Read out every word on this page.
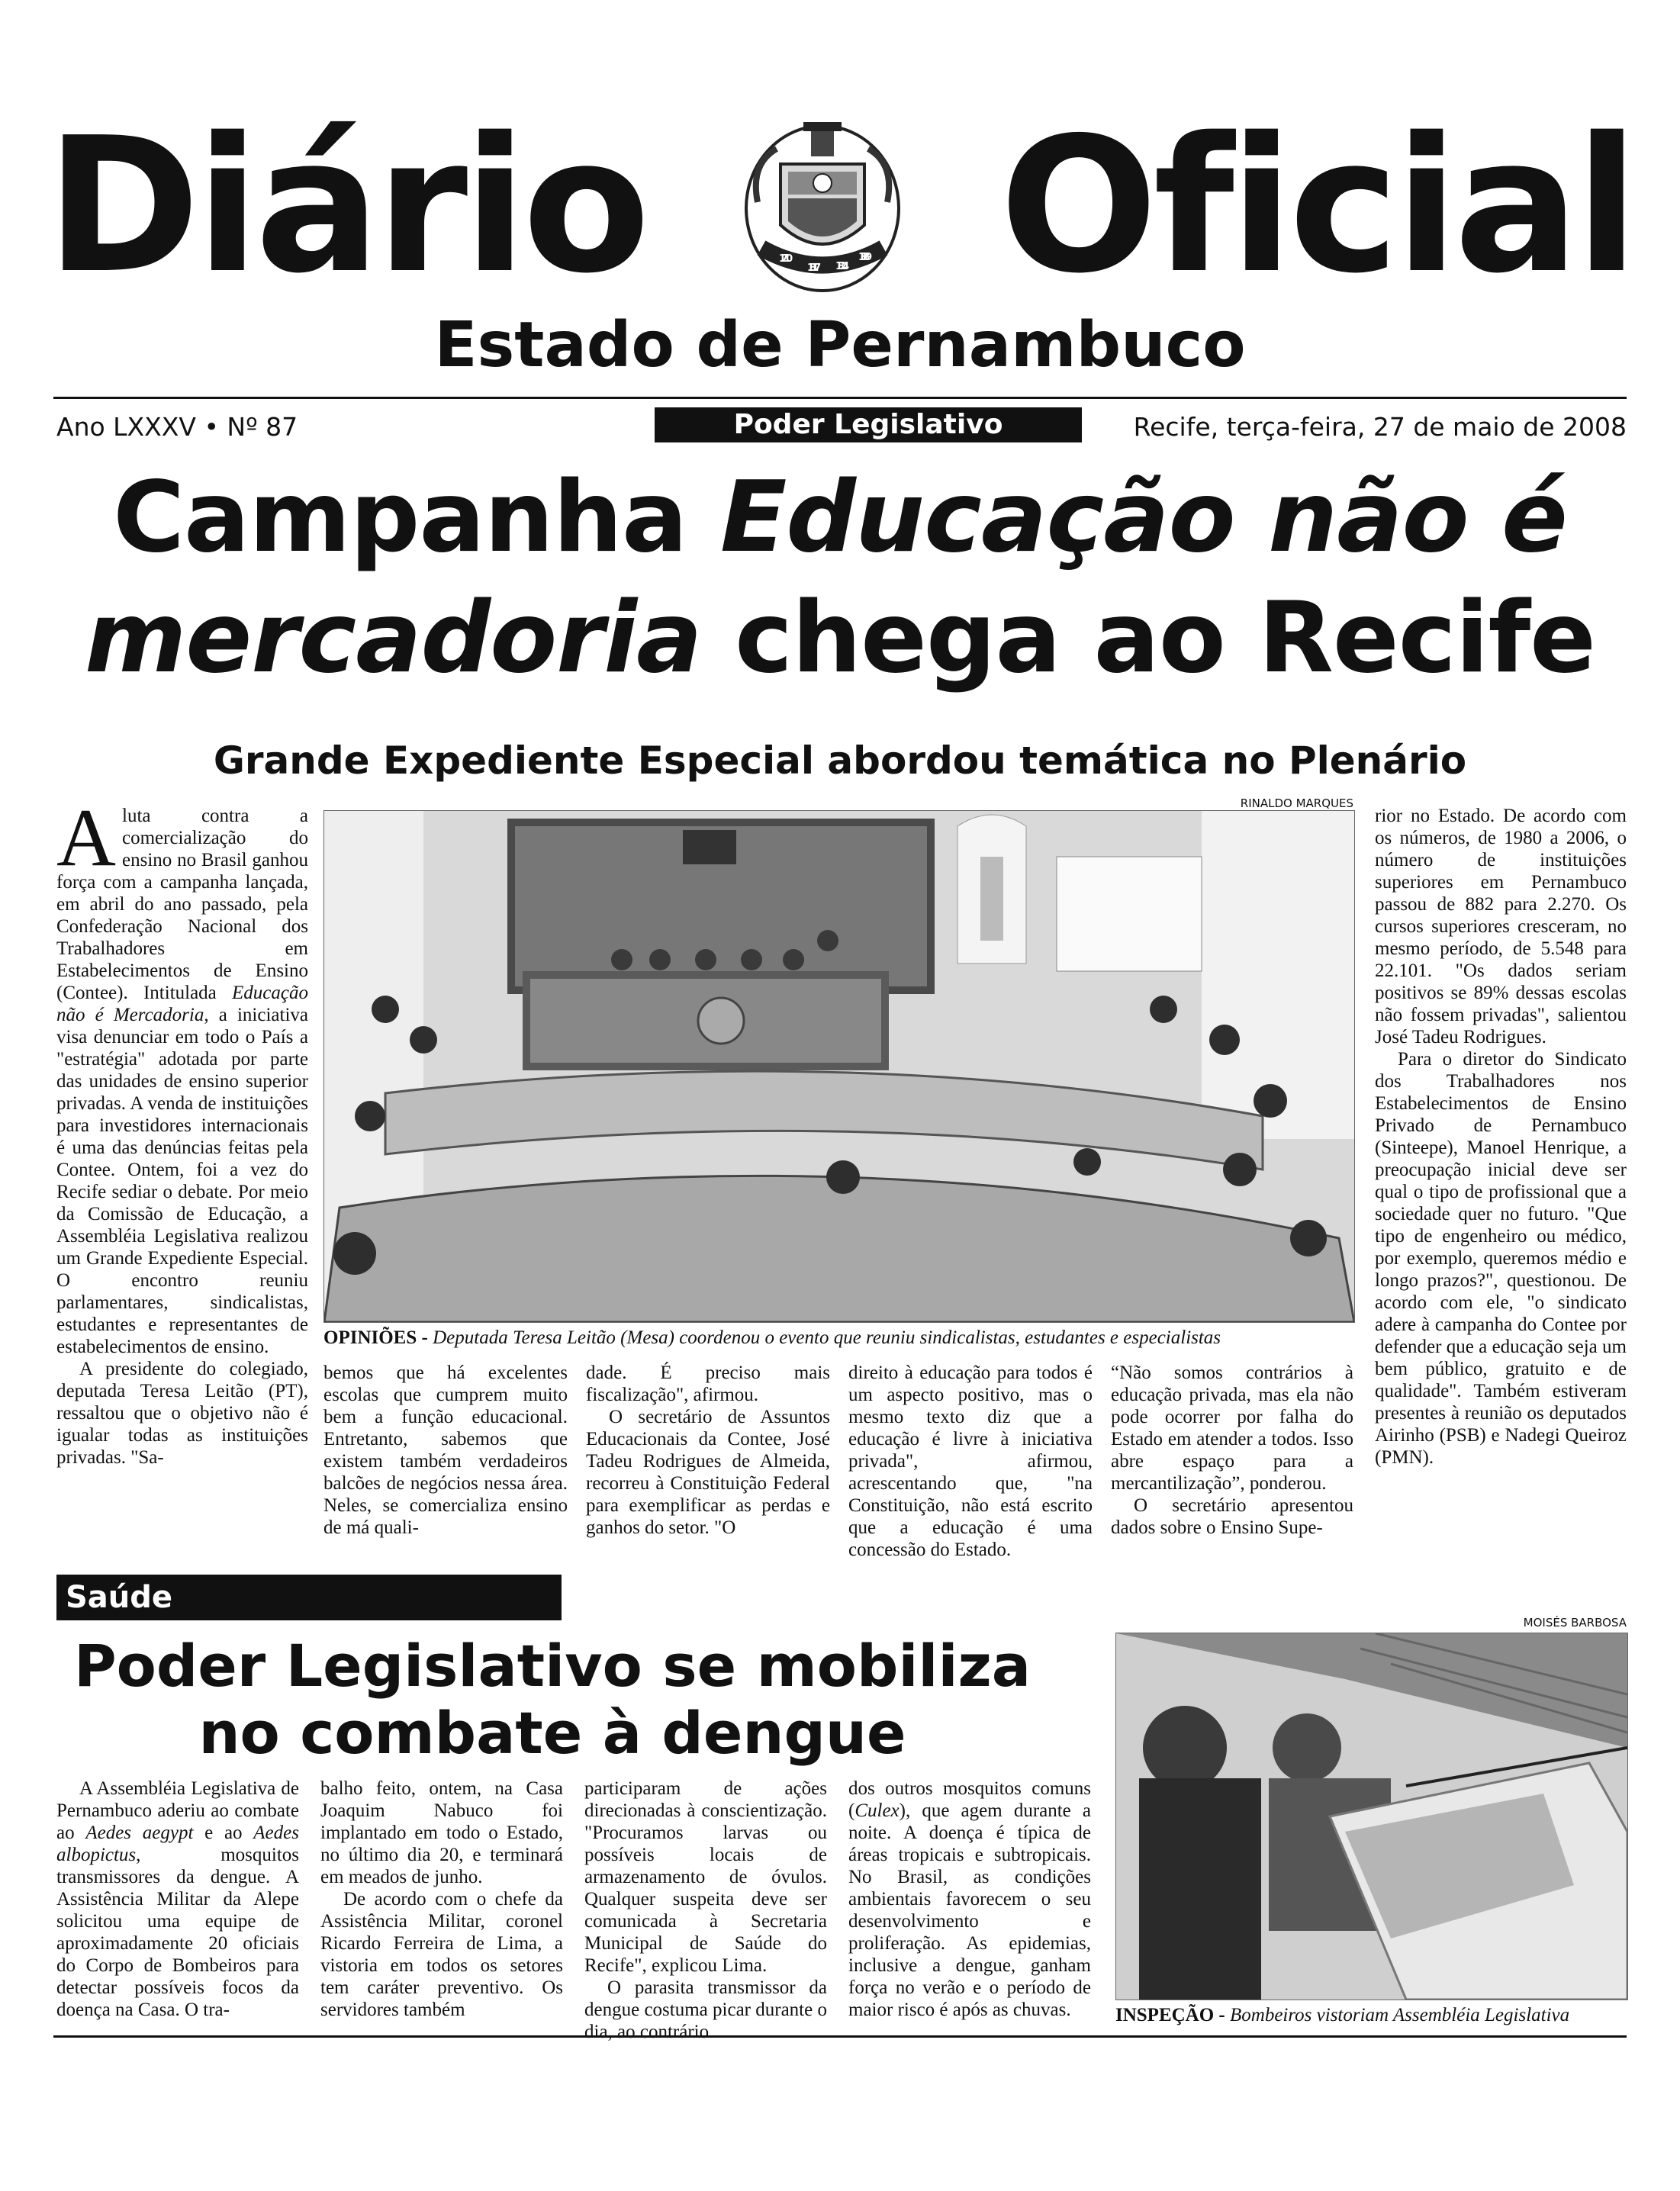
Diário	1710
1817	1824
1889 Oficial
Estado de Pernambuco
Ano LXXXV • Nº 87	Poder Legislativo	Recife, terça-feira, 27 de maio de 2008
Campanha Educação não é
mercadoria chega ao Recife
Grande Expediente Especial abordou temática no Plenário

Aluta contra a comercialização do ensino no Brasil ganhou força com a campanha lançada, em abril do ano passado, pela Confederação Nacional dos Trabalhadores em Estabelecimentos de Ensino (Contee). Intitulada Educação não é Mercadoria, a iniciativa visa denunciar em todo o País a "estratégia" adotada por parte das unidades de ensino superior privadas. A venda de instituições para investidores internacionais é uma das denúncias feitas pela Contee. Ontem, foi a vez do Recife sediar o debate. Por meio da Comissão de Educação, a Assembléia Legislativa realizou um Grande Expediente Especial. O encontro reuniu parlamentares, sindicalistas, estudantes e representantes de estabelecimentos de ensino.

A presidente do colegiado, deputada Teresa Leitão (PT), ressaltou que o objetivo não é igualar todas as instituições privadas. "Sa-

RINALDO MARQUES
OPINIÕES - Deputada Teresa Leitão (Mesa) coordenou o evento que reuniu sindicalistas, estudantes e especialistas

bemos que há excelentes escolas que cumprem muito bem a função educacional. Entretanto, sabemos que existem também verdadeiros balcões de negócios nessa área. Neles, se comercializa ensino de má quali-

dade. É preciso mais fiscalização", afirmou.

O secretário de Assuntos Educacionais da Contee, José Tadeu Rodrigues de Almeida, recorreu à Constituição Federal para exemplificar as perdas e ganhos do setor. "O

direito à educação para todos é um aspecto positivo, mas o mesmo texto diz que a educação é livre à iniciativa privada", afirmou, acrescentando que, "na Constituição, não está escrito que a educação é uma concessão do Estado.

“Não somos contrários à educação privada, mas ela não pode ocorrer por falha do Estado em atender a todos. Isso abre espaço para a mercantilização”, ponderou.

O secretário apresentou dados sobre o Ensino Supe-

rior no Estado. De acordo com os números, de 1980 a 2006, o número de instituições superiores em Pernambuco passou de 882 para 2.270. Os cursos superiores cresceram, no mesmo período, de 5.548 para 22.101. "Os dados seriam positivos se 89% dessas escolas não fossem privadas", salientou José Tadeu Rodrigues.

Para o diretor do Sindicato dos Trabalhadores nos Estabelecimentos de Ensino Privado de Pernambuco (Sinteepe), Manoel Henrique, a preocupação inicial deve ser qual o tipo de profissional que a sociedade quer no futuro. "Que tipo de engenheiro ou médico, por exemplo, queremos médio e longo prazos?", questionou. De acordo com ele, "o sindicato adere à campanha do Contee por defender que a educação seja um bem público, gratuito e de qualidade". Também estiveram presentes à reunião os deputados Airinho (PSB) e Nadegi Queiroz (PMN).

Saúde
Poder Legislativo se mobiliza
no combate à dengue

A Assembléia Legislativa de Pernambuco aderiu ao combate ao Aedes aegypt e ao Aedes albopictus, mosquitos transmissores da dengue. A Assistência Militar da Alepe solicitou uma equipe de aproximadamente 20 oficiais do Corpo de Bombeiros para detectar possíveis focos da doença na Casa. O tra-

balho feito, ontem, na Casa Joaquim Nabuco foi implantado em todo o Estado, no último dia 20, e terminará em meados de junho.

De acordo com o chefe da Assistência Militar, coronel Ricardo Ferreira de Lima, a vistoria em todos os setores tem caráter preventivo. Os servidores também

participaram de ações direcionadas à conscientização. "Procuramos larvas ou possíveis locais de armazenamento de óvulos. Qualquer suspeita deve ser comunicada à Secretaria Municipal de Saúde do Recife", explicou Lima.

O parasita transmissor da dengue costuma picar durante o dia, ao contrário

dos outros mosquitos comuns (Culex), que agem durante a noite. A doença é típica de áreas tropicais e subtropicais. No Brasil, as condições ambientais favorecem o seu desenvolvimento e proliferação. As epidemias, inclusive a dengue, ganham força no verão e o período de maior risco é após as chuvas.

MOISÉS BARBOSA
INSPEÇÃO - Bombeiros vistoriam Assembléia Legislativa
